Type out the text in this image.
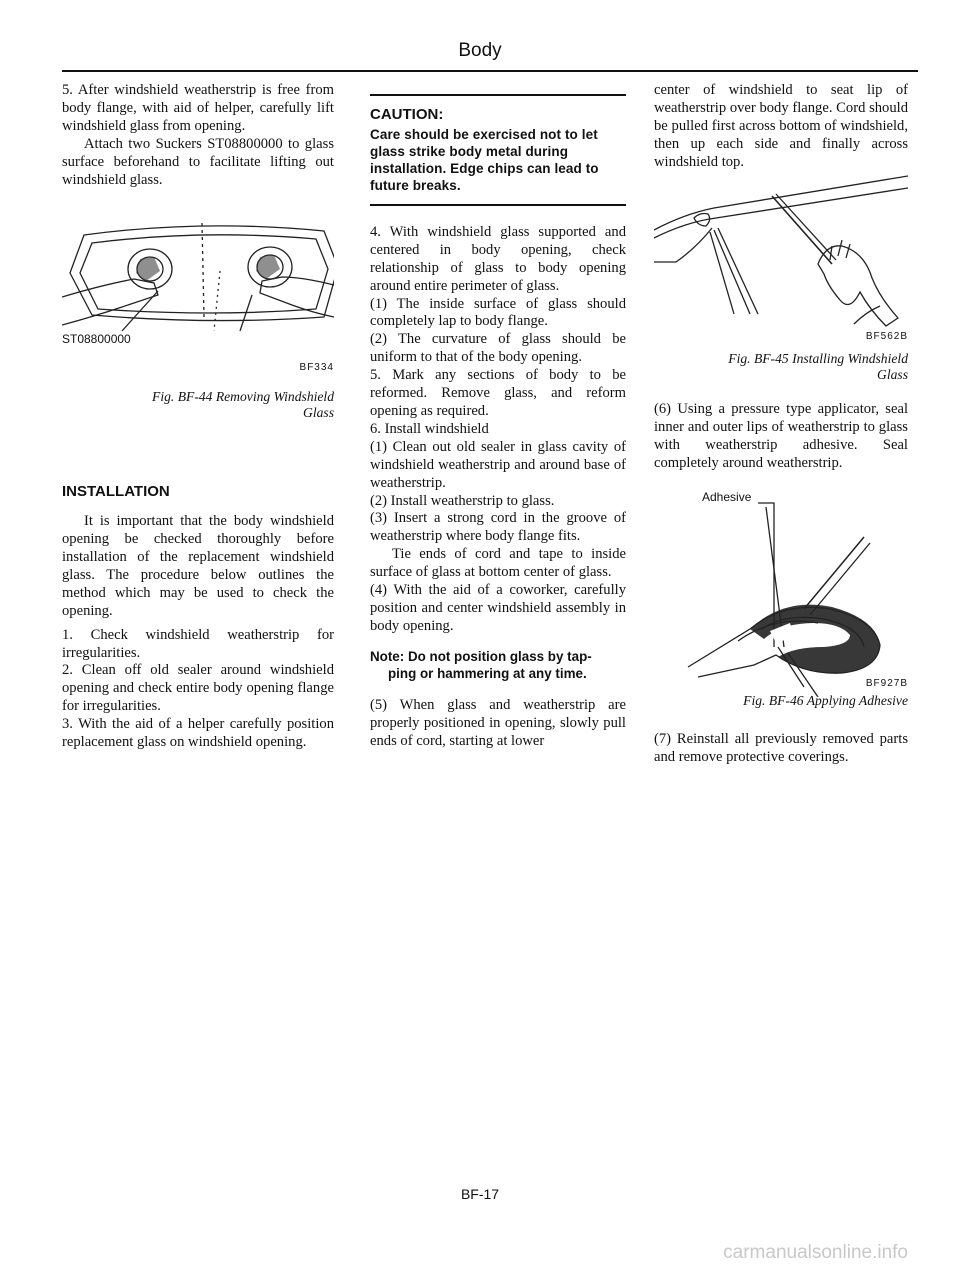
Body

5. After windshield weatherstrip is free from body flange, with aid of helper, carefully lift windshield glass from opening.

Attach two Suckers ST08800000 to glass surface beforehand to facilitate lifting out windshield glass.

ST08800000

BF334
Fig. BF-44 Removing Windshield
Glass
INSTALLATION

It is important that the body windshield opening be checked thoroughly before installation of the replacement windshield glass. The procedure below outlines the method which may be used to check the opening.

1. Check windshield weatherstrip for irregularities.

2. Clean off old sealer around windshield opening and check entire body opening flange for irregularities.

3. With the aid of a helper carefully position replacement glass on windshield opening.

CAUTION:
Care should be exercised not to let glass strike body metal during installation. Edge chips can lead to future breaks.

4. With windshield glass supported and centered in body opening, check relationship of glass to body opening around entire perimeter of glass.

(1) The inside surface of glass should completely lap to body flange.

(2) The curvature of glass should be uniform to that of the body opening.

5. Mark any sections of body to be reformed. Remove glass, and reform opening as required.

6. Install windshield

(1) Clean out old sealer in glass cavity of windshield weatherstrip and around base of weatherstrip.

(2) Install weatherstrip to glass.

(3) Insert a strong cord in the groove of weatherstrip where body flange fits.

Tie ends of cord and tape to inside surface of glass at bottom center of glass.

(4) With the aid of a coworker, carefully position and center windshield assembly in body opening.

Note: Do not position glass by tap-
ping or hammering at any time.

(5) When glass and weatherstrip are properly positioned in opening, slowly pull ends of cord, starting at lower

center of windshield to seat lip of weatherstrip over body flange. Cord should be pulled first across bottom of windshield, then up each side and finally across windshield top.

BF562B
Fig. BF-45 Installing Windshield
Glass

(6) Using a pressure type applicator, seal inner and outer lips of weatherstrip to glass with weatherstrip adhesive. Seal completely around weatherstrip.

Adhesive

BF927B
Fig. BF-46 Applying Adhesive

(7) Reinstall all previously removed parts and remove protective coverings.

BF-17
carmanualsonline.info
